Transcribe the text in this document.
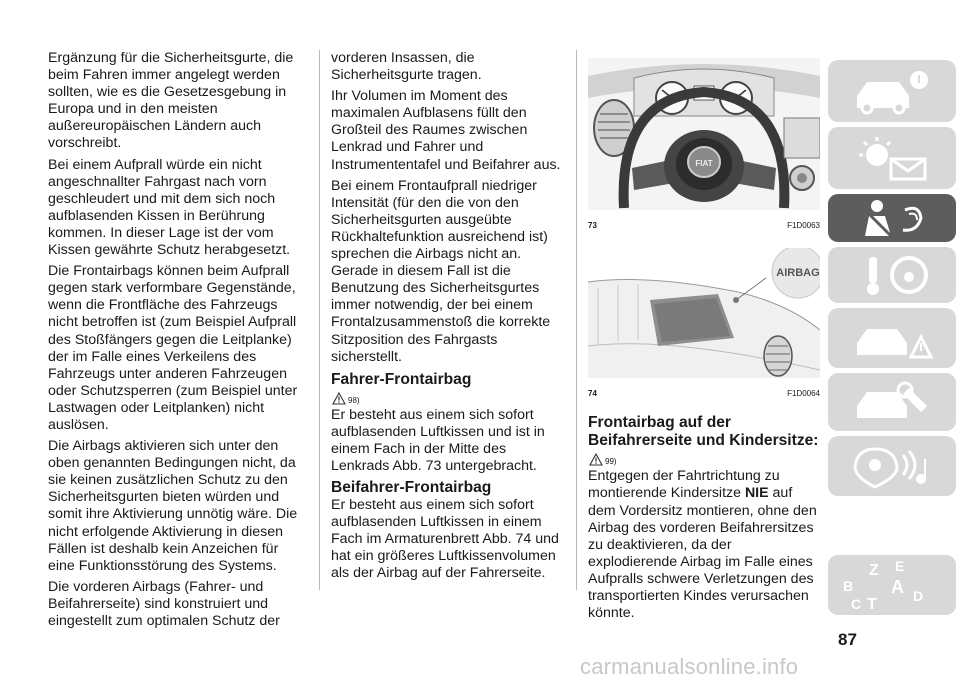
Ergänzung für die Sicherheitsgurte, die beim Fahren immer angelegt werden sollten, wie es die Gesetzesgebung in Europa und in den meisten außereuropäischen Ländern auch vorschreibt.

Bei einem Aufprall würde ein nicht angeschnallter Fahrgast nach vorn geschleudert und mit dem sich noch aufblasenden Kissen in Berührung kommen. In dieser Lage ist der vom Kissen gewährte Schutz herabgesetzt.

Die Frontairbags können beim Aufprall gegen stark verformbare Gegenstände, wenn die Frontfläche des Fahrzeugs nicht betroffen ist (zum Beispiel Aufprall des Stoßfängers gegen die Leitplanke) der im Falle eines Verkeilens des Fahrzeugs unter anderen Fahrzeugen oder Schutzsperren (zum Beispiel unter Lastwagen oder Leitplanken) nicht auslösen.

Die Airbags aktivieren sich unter den oben genannten Bedingungen nicht, da sie keinen zusätzlichen Schutz zu den Sicherheitsgurten bieten würden und somit ihre Aktivierung unnötig wäre. Die nicht erfolgende Aktivierung in diesen Fällen ist deshalb kein Anzeichen für eine Funktionsstörung des Systems.

Die vorderen Airbags (Fahrer- und Beifahrerseite) sind konstruiert und eingestellt zum optimalen Schutz der

vorderen Insassen, die Sicherheitsgurte tragen.

Ihr Volumen im Moment des maximalen Aufblasens füllt den Großteil des Raumes zwischen Lenkrad und Fahrer und Instrumententafel und Beifahrer aus.

Bei einem Frontaufprall niedriger Intensität (für den die von den Sicherheitsgurten ausgeübte Rückhaltefunktion ausreichend ist) sprechen die Airbags nicht an. Gerade in diesem Fall ist die Benutzung des Sicherheitsgurtes immer notwendig, der bei einem Frontalzusammenstoß die korrekte Sitzposition des Fahrgasts sicherstellt.

Fahrer-Frontairbag
98)

Er besteht aus einem sich sofort aufblasenden Luftkissen und ist in einem Fach in der Mitte des Lenkrads Abb. 73 untergebracht.

Beifahrer-Frontairbag

Er besteht aus einem sich sofort aufblasenden Luftkissen in einem Fach im Armaturenbrett Abb. 74 und hat ein größeres Luftkissenvolumen als der Airbag auf der Fahrerseite.

FIAT
73	F1D0063
AIRBAG
74	F1D0064
Frontairbag auf der Beifahrerseite und Kindersitze:
99)

Entgegen der Fahrtrichtung zu montierende Kindersitze NIE auf dem Vordersitz montieren, ohne den Airbag des vorderen Beifahrersitzes zu deaktivieren, da der explodierende Airbag im Falle eines Aufpralls schwere Verletzungen des transportierten Kindes verursachen könnte.

Z E
B A
C T	D
87
carmanualsonline.info
